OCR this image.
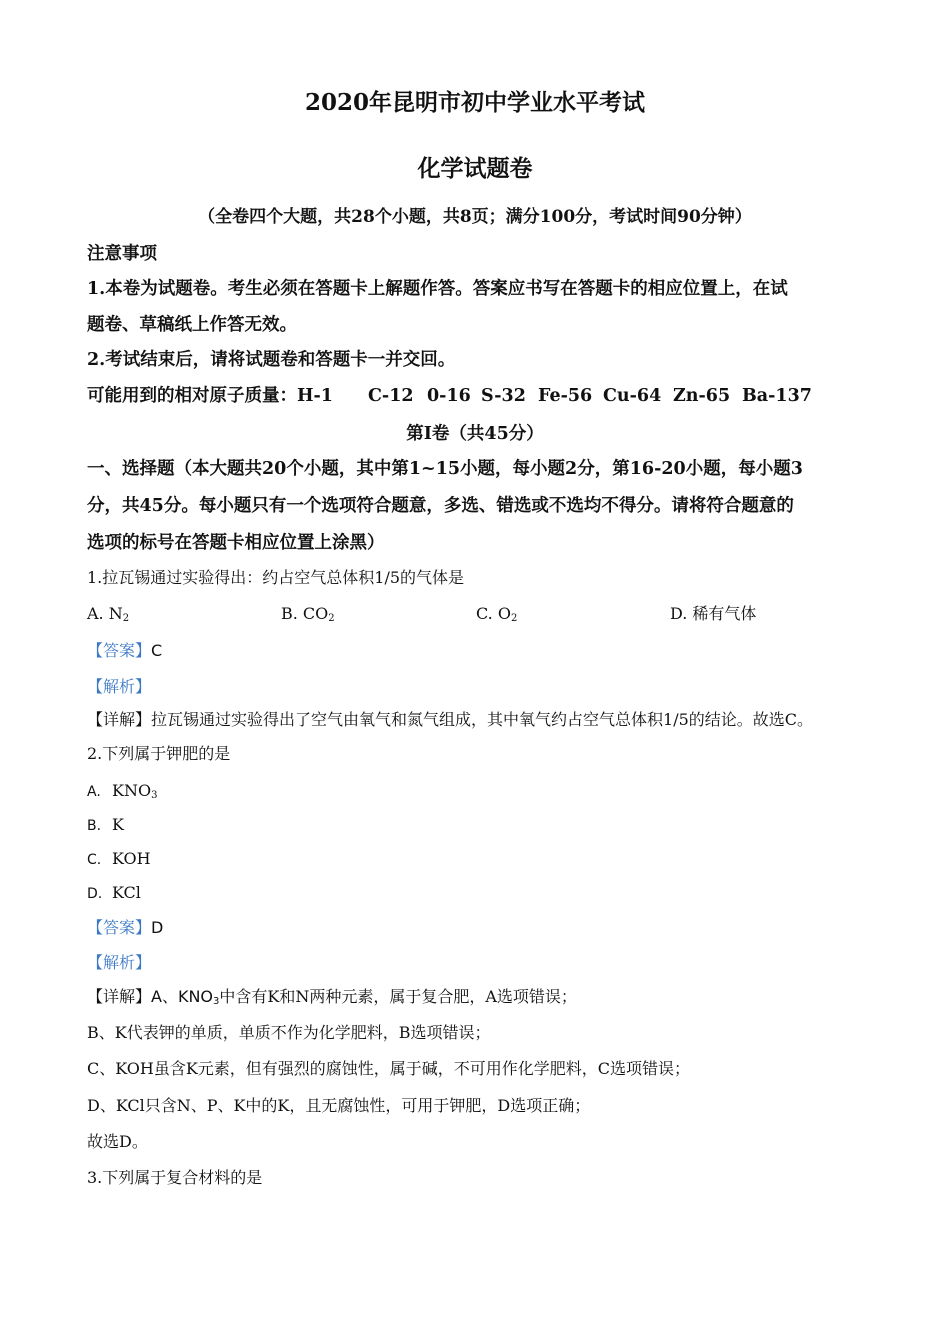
2020年昆明市初中学业水平考试
化学试题卷
（全卷四个大题，共28个小题，共8页；满分100分，考试时间90分钟）
注意事项
1.本卷为试题卷。考生必须在答题卡上解题作答。答案应书写在答题卡的相应位置上，在试
题卷、草稿纸上作答无效。
2.考试结束后，请将试题卷和答题卡一并交回。
可能用到的相对原子质量：H-1 C-12 0-16 S-32 Fe-56 Cu-64 Zn-65 Ba-137
第Ⅰ卷（共45分）
一、选择题（本大题共20个小题，其中第1~15小题，每小题2分，第16-20小题，每小题3
分，共45分。每小题只有一个选项符合题意，多选、错选或不选均不得分。请将符合题意的
选项的标号在答题卡相应位置上涂黑）
1.拉瓦锡通过实验得出：约占空气总体积1/5的气体是
A. $N_2$	B. $CO_2$	C. $O_2$	D. 稀有气体
【答案】C
【解析】
【详解】拉瓦锡通过实验得出了空气由氧气和氮气组成，其中氧气约占空气总体积1/5的结论。故选C。
2.下列属于钾肥的是
A. $KNO_3$
B. K
C. KOH
D. KCl
【答案】D
【解析】
【详解】A、$KNO_3$中含有K和N两种元素，属于复合肥，A选项错误；
B、K代表钾的单质，单质不作为化学肥料，B选项错误；
C、KOH虽含K元素，但有强烈的腐蚀性，属于碱，不可用作化学肥料，C选项错误；
D、KCl只含N、P、K中的K，且无腐蚀性，可用于钾肥，D选项正确；
故选D。
3.下列属于复合材料的是
